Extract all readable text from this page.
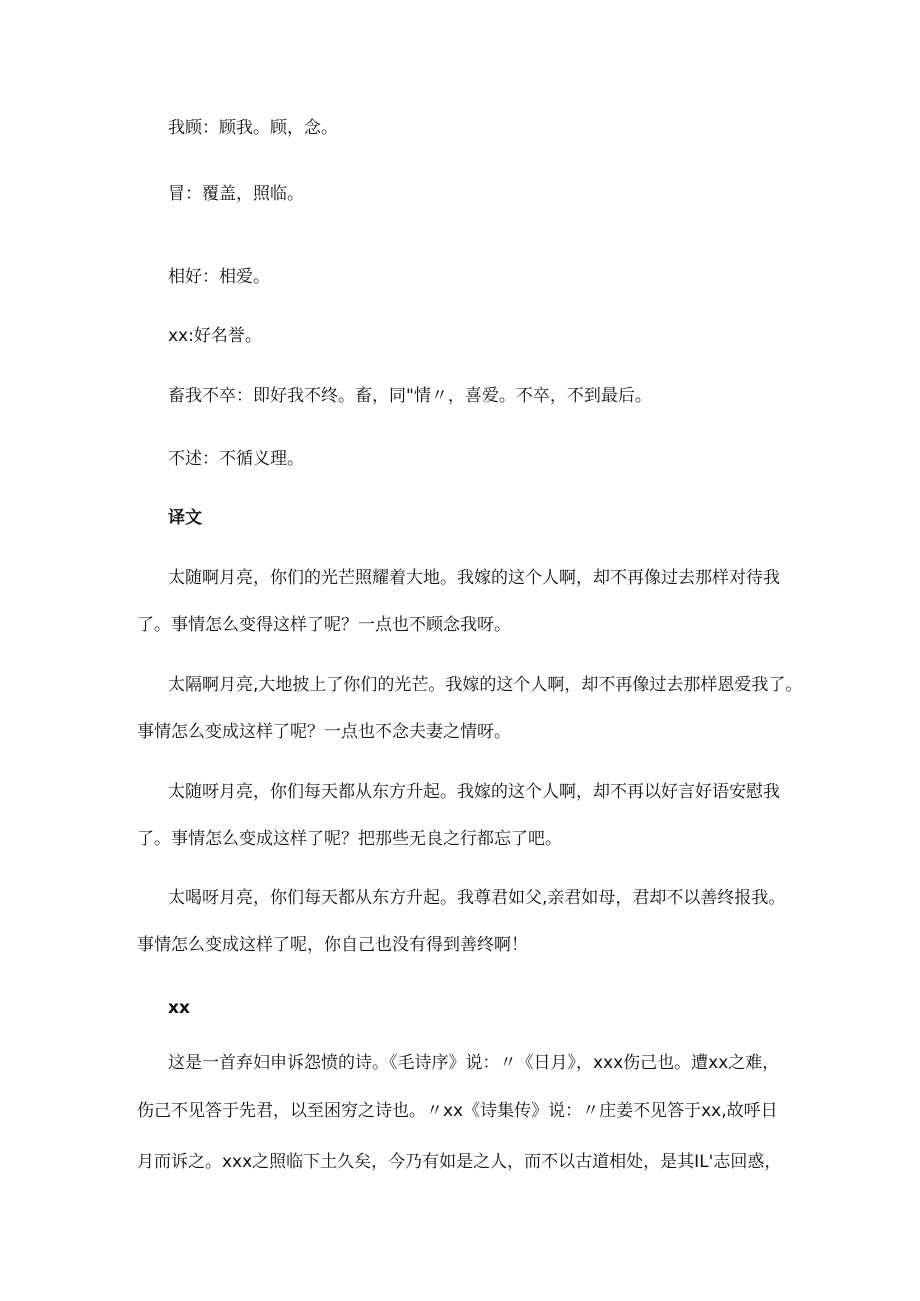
我顾：顾我。顾，念。

冒：覆盖，照临。

相好：相爱。

xx:好名誉。

畜我不卒：即好我不终。畜，同"情〃，喜爱。不卒，不到最后。

不述：不循义理。

译文

太随啊月亮，你们的光芒照耀着大地。我嫁的这个人啊，却不再像过去那样对待我

了。事情怎么变得这样了呢？一点也不顾念我呀。

太隔啊月亮,大地披上了你们的光芒。我嫁的这个人啊，却不再像过去那样恩爱我了。

事情怎么变成这样了呢？一点也不念夫妻之情呀。

太随呀月亮，你们每天都从东方升起。我嫁的这个人啊，却不再以好言好语安慰我

了。事情怎么变成这样了呢？把那些无良之行都忘了吧。

太喝呀月亮，你们每天都从东方升起。我尊君如父,亲君如母，君却不以善终报我。

事情怎么变成这样了呢，你自己也没有得到善终啊！

xx

这是一首弃妇申诉怨愤的诗。《毛诗序》说：〃《日月》，xxx伤己也。遭xx之难，

伤己不见答于先君，以至困穷之诗也。〃xx《诗集传》说：〃庄姜不见答于xx,故呼日

月而诉之。xxx之照临下土久矣，今乃有如是之人，而不以古道相处，是其IL'志回惑，
